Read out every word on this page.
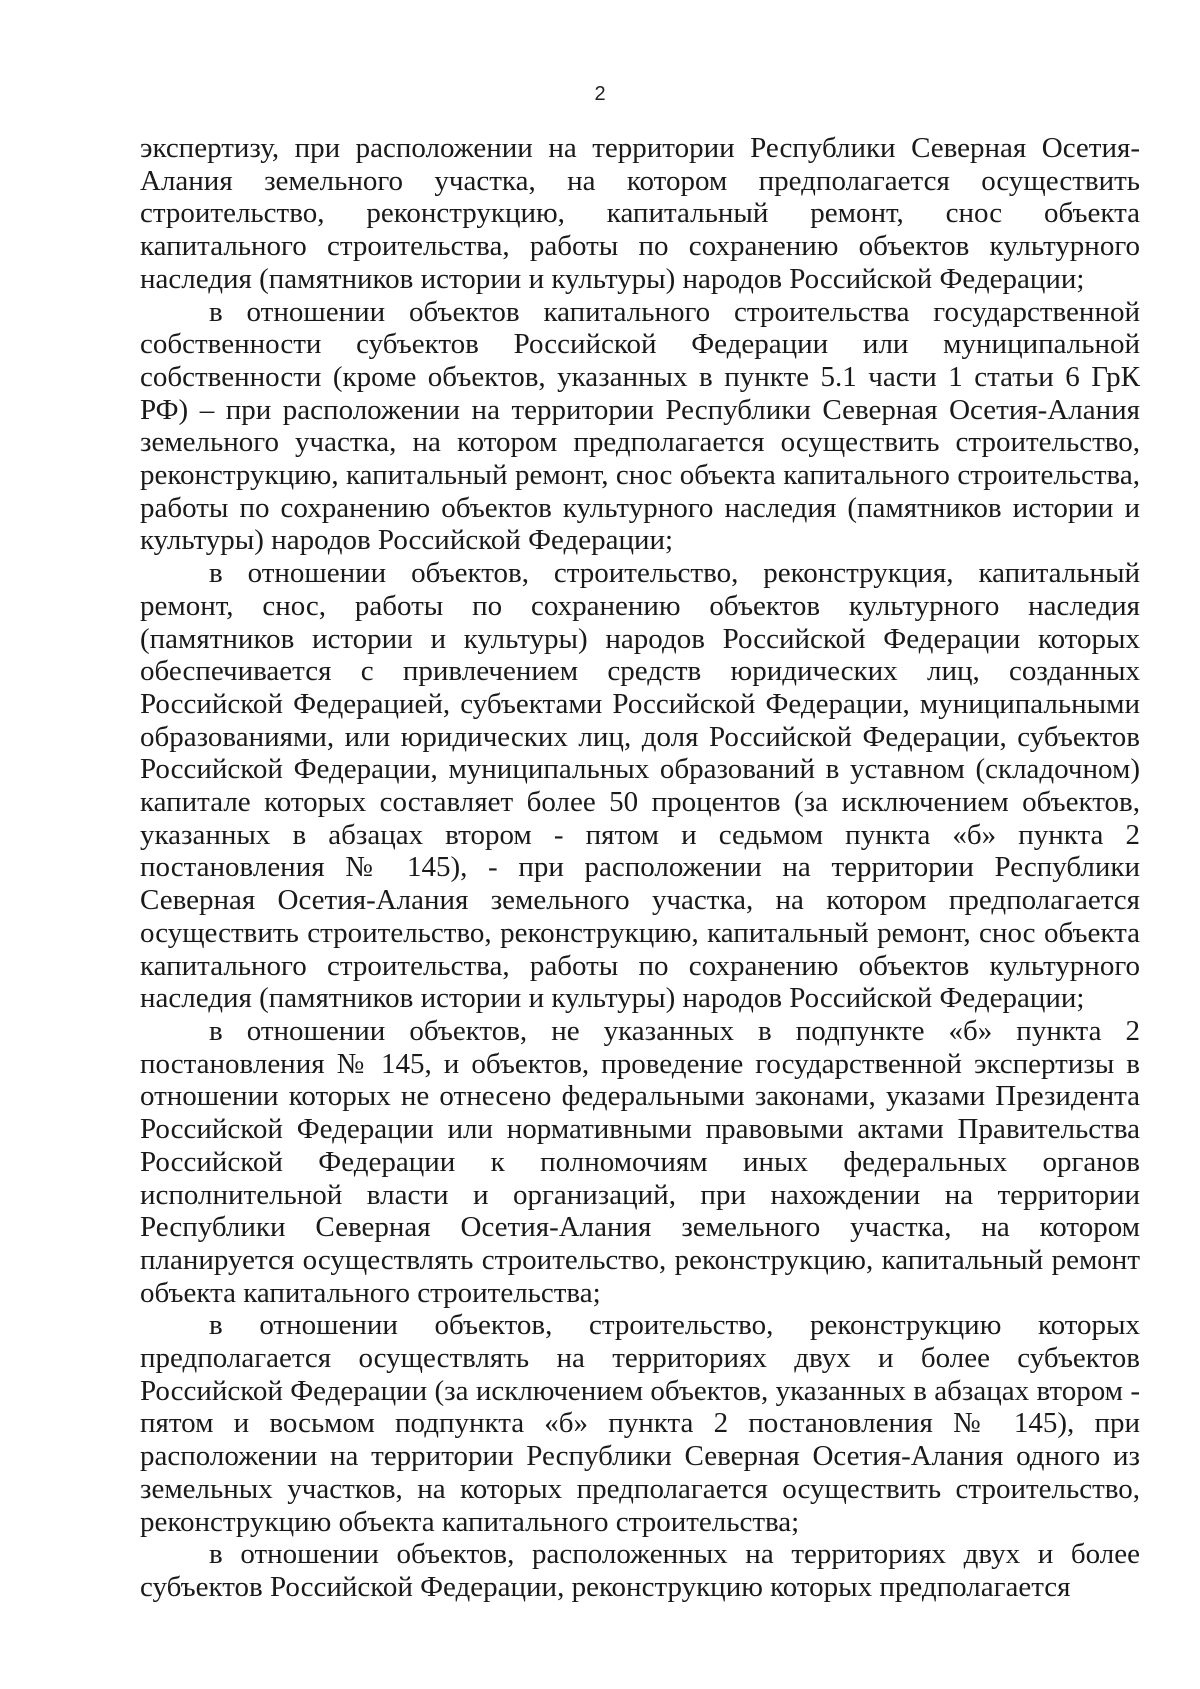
2

экспертизу, при расположении на территории Республики Северная Осетия-Алания земельного участка, на котором предполагается осуществить строительство, реконструкцию, капитальный ремонт, снос объекта капитального строительства, работы по сохранению объектов культурного наследия (памятников истории и культуры) народов Российской Федерации;

в отношении объектов капитального строительства государственной собственности субъектов Российской Федерации или муниципальной собственности (кроме объектов, указанных в пункте 5.1 части 1 статьи 6 ГрК РФ) – при расположении на территории Республики Северная Осетия-Алания земельного участка, на котором предполагается осуществить строительство, реконструкцию, капитальный ремонт, снос объекта капитального строительства, работы по сохранению объектов культурного наследия (памятников истории и культуры) народов Российской Федерации;

в отношении объектов, строительство, реконструкция, капитальный ремонт, снос, работы по сохранению объектов культурного наследия (памятников истории и культуры) народов Российской Федерации которых обеспечивается с привлечением средств юридических лиц, созданных Российской Федерацией, субъектами Российской Федерации, муниципальными образованиями, или юридических лиц, доля Российской Федерации, субъектов Российской Федерации, муниципальных образований в уставном (складочном) капитале которых составляет более 50 процентов (за исключением объектов, указанных в абзацах втором - пятом и седьмом пункта «б» пункта 2 постановления № 145), - при расположении на территории Республики Северная Осетия-Алания земельного участка, на котором предполагается осуществить строительство, реконструкцию, капитальный ремонт, снос объекта капитального строительства, работы по сохранению объектов культурного наследия (памятников истории и культуры) народов Российской Федерации;

в отношении объектов, не указанных в подпункте «б» пункта 2 постановления № 145, и объектов, проведение государственной экспертизы в отношении которых не отнесено федеральными законами, указами Президента Российской Федерации или нормативными правовыми актами Правительства Российской Федерации к полномочиям иных федеральных органов исполнительной власти и организаций, при нахождении на территории Республики Северная Осетия-Алания земельного участка, на котором планируется осуществлять строительство, реконструкцию, капитальный ремонт объекта капитального строительства;

в отношении объектов, строительство, реконструкцию которых предполагается осуществлять на территориях двух и более субъектов Российской Федерации (за исключением объектов, указанных в абзацах втором - пятом и восьмом подпункта «б» пункта 2 постановления № 145), при расположении на территории Республики Северная Осетия-Алания одного из земельных участков, на которых предполагается осуществить строительство, реконструкцию объекта капитального строительства;

в отношении объектов, расположенных на территориях двух и более субъектов Российской Федерации, реконструкцию которых предполагается
